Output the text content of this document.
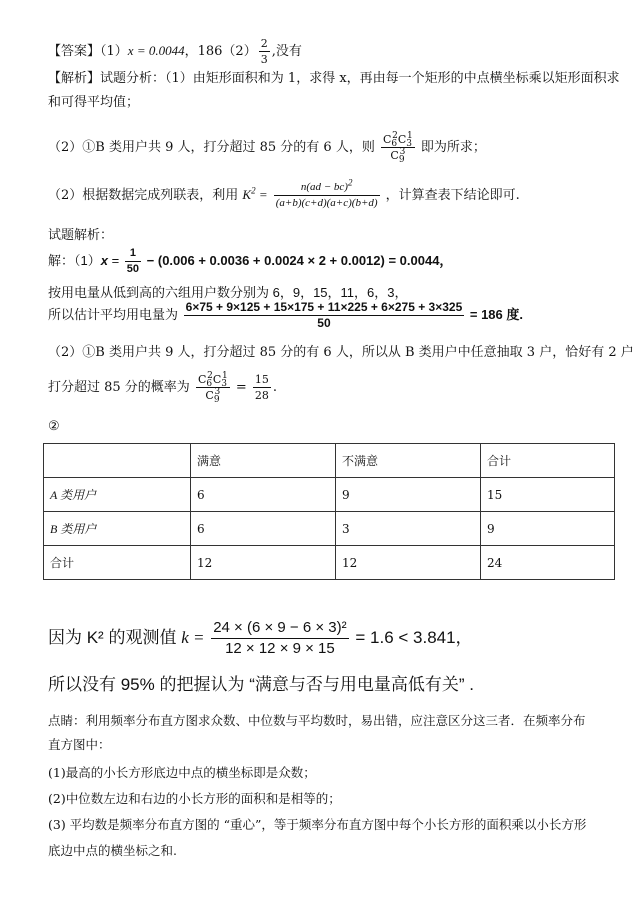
【答案】（1）x = 0.0044，$186(2) \frac{2}{3}$ ,没有
【解析】试题分析：（1）由矩形面积和为 1，求得 x，再由每一个矩形的中点横坐标乘以矩形面积求
和可得平均值；
（2）①B 类用户共 9 人，打分超过 85 分的有 6 人，则 $\frac{C_6^2C_3^1}{C_9^3}$ 即为所求；
（2）根据数据完成列联表，利用 $K^2 = \frac{n(ad - bc)^2}{(a+b)(c+d)(a+c)(b+d)}$ ，计算查表下结论即可.
试题解析：
解：$(1)x = \frac{1}{50} - (0.006 + 0.0036 + 0.0024 \times 2 + 0.0012) = 0.0044$，
按用电量从低到高的六组用户数分别为 6，9，15，11，6，3，
所以估计平均用电量为 $\frac{6\times 75 + 9\times 125 + 15\times 175 + 11\times 225 + 6\times 275 + 3\times 325}{50} = 186$ 度.
（2）①B 类用户共 9 人，打分超过 85 分的有 6 人，所以从 B 类用户中任意抽取 3 户，恰好有 2 户
打分超过 85 分的概率为 $\frac{C_6^2C_3^1}{C_9^3} = \frac{15}{28}$ .
②
	满意	不满意	合计
A 类用户	6	9	15
B 类用户	6	3	9
合计	12	12	24
因为 K² 的观测值 $k = \frac{\text{24 × (6 × 9 − 6 × 3)²}}{12 \times 12 \times 9 \times 15} = 1.6 < 3.841$，
所以没有 95% 的把握认为 “满意与否与用电量高低有关” .
点睛：利用频率分布直方图求众数、中位数与平均数时，易出错，应注意区分这三者．在频率分布
直方图中：
(1)最高的小长方形底边中点的横坐标即是众数；
(2)中位数左边和右边的小长方形的面积和是相等的；
(3) 平均数是频率分布直方图的 “重心”，等于频率分布直方图中每个小长方形的面积乘以小长方形
底边中点的横坐标之和.
